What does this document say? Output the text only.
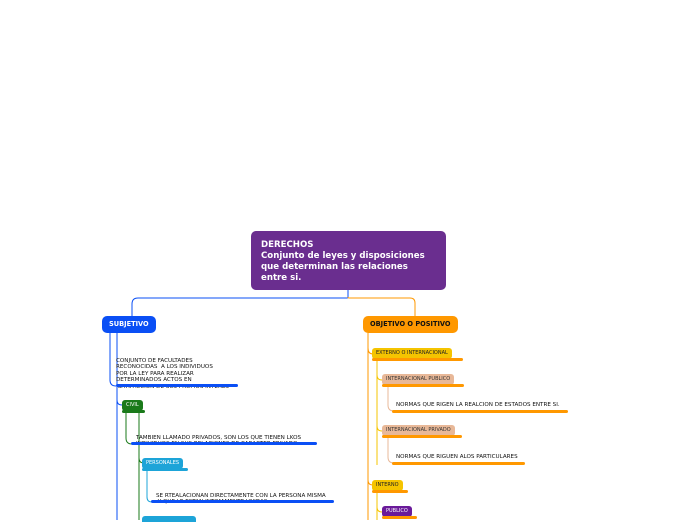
DERECHOS
Conjunto de leyes y disposiciones
que determinan las relaciones
entre si.
SUBJETIVO

CONJUNTO DE FACULTADES
RECONOCIDAS  A LOS INDIVIDUOS
POR LA LEY PARA REALIZAR
DETERMINADOS ACTOS EN

CIVIL

TAMBIEN LLAMADO PRIVADOS, SON LOS QUE TIENEN LKOS

PERSONALES

SE RTEALACIONAN DIRECTAMENTE CON LA PERSONA MISMA

OBJETIVO O POSITIVO
EXTERNO O INTERNACIONAL
INTERNACIONAL PUBLICO
NORMAS QUE RIGEN LA REALCION DE ESTADOS ENTRE SI.
INTERNACIONAL PRIVADO
NORMAS QUE RIGUEN ALOS PARTICULARES
INTERNO
PUBLICO
